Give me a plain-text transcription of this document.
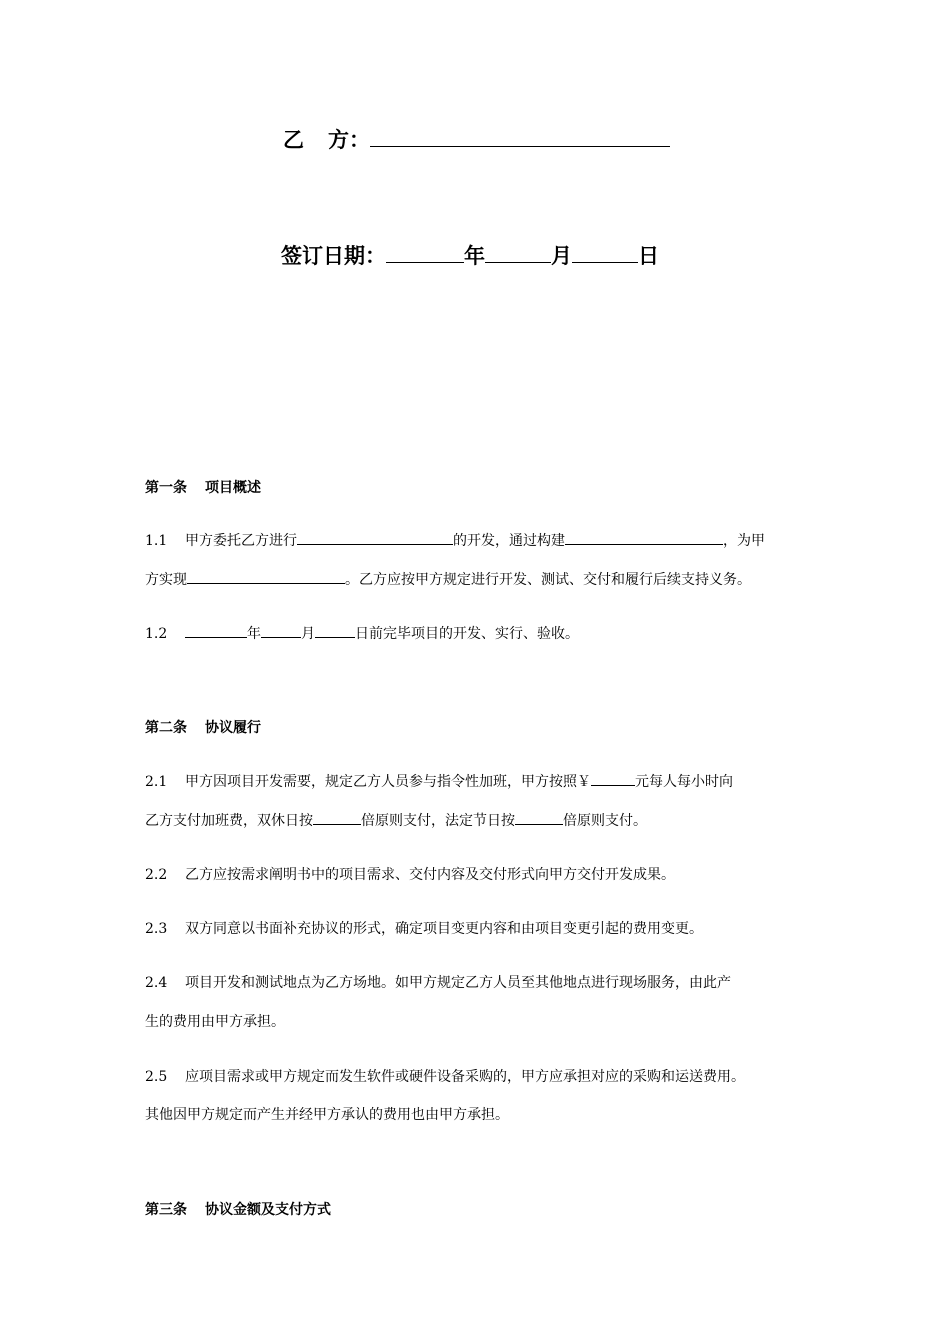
乙 方：
签订日期：	年	月	日
第一条 项目概述
1.1 甲方委托乙方进行	的开发，通过构建	，为甲
方实现	。乙方应按甲方规定进行开发、测试、交付和履行后续支持义务。
1.2	年	月	日前完毕项目的开发、实行、验收。
第二条 协议履行
2.1 甲方因项目开发需要，规定乙方人员参与指令性加班，甲方按照￥	元每人每小时向
乙方支付加班费，双休日按	倍原则支付，法定节日按	倍原则支付。
2.2 乙方应按需求阐明书中的项目需求、交付内容及交付形式向甲方交付开发成果。
2.3 双方同意以书面补充协议的形式，确定项目变更内容和由项目变更引起的费用变更。
2.4 项目开发和测试地点为乙方场地。如甲方规定乙方人员至其他地点进行现场服务，由此产
生的费用由甲方承担。
2.5 应项目需求或甲方规定而发生软件或硬件设备采购的，甲方应承担对应的采购和运送费用。
其他因甲方规定而产生并经甲方承认的费用也由甲方承担。
第三条 协议金额及支付方式
